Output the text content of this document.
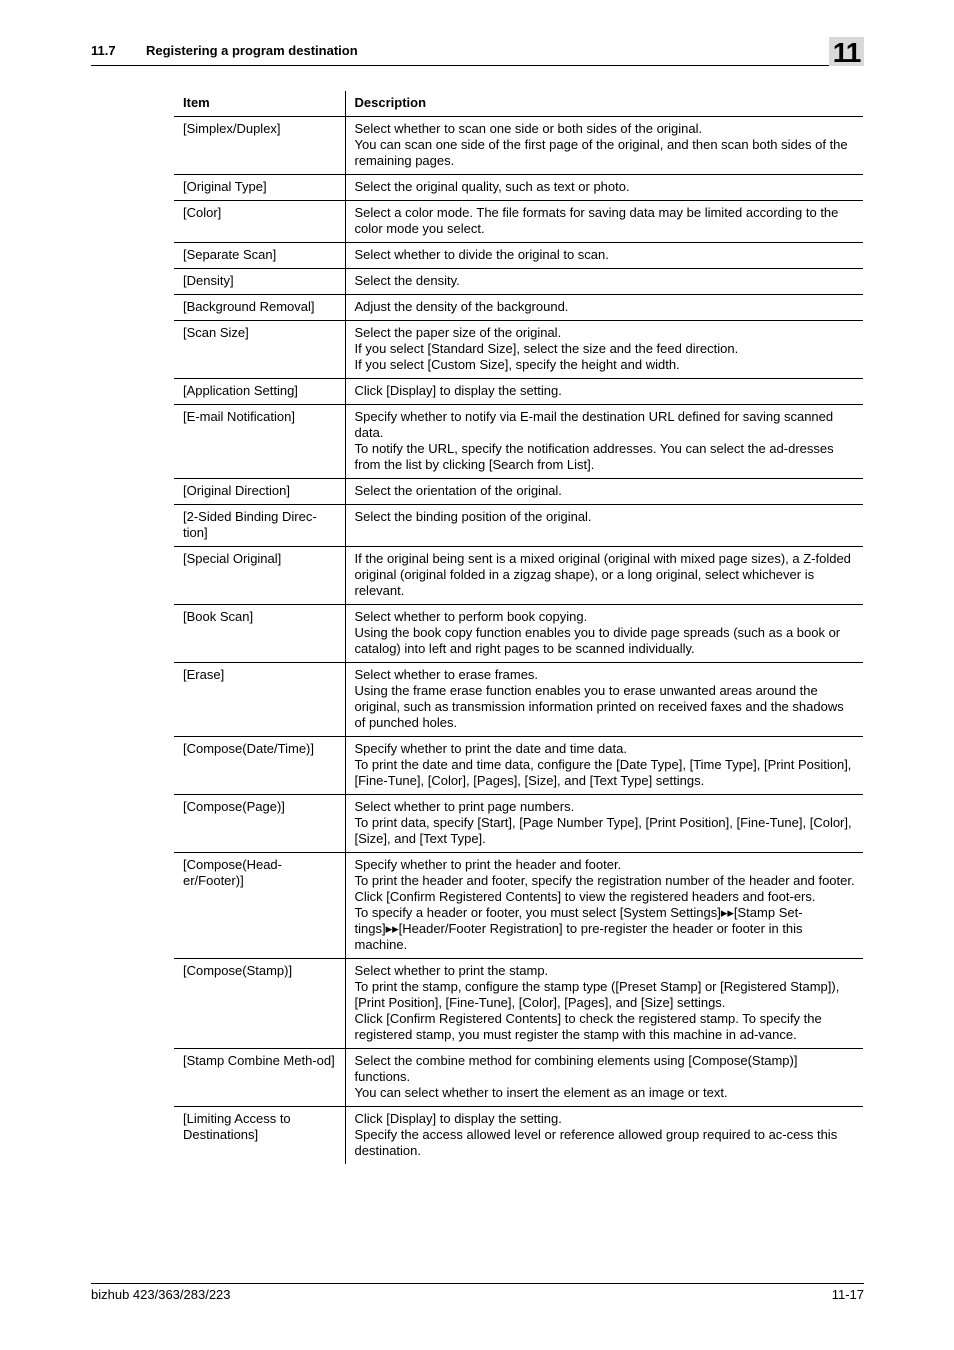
11.7 Registering a program destination	11
Item	Description
[Simplex/Duplex]	Select whether to scan one side or both sides of the original.
You can scan one side of the first page of the original, and then scan both sides of the remaining pages.

[Original Type]	Select the original quality, such as text or photo.

[Color]	Select a color mode. The file formats for saving data may be limited according to the color mode you select.

[Separate Scan]	Select whether to divide the original to scan.

[Density]	Select the density.

[Background Removal]	Adjust the density of the background.

[Scan Size]	Select the paper size of the original.
If you select [Standard Size], select the size and the feed direction.
If you select [Custom Size], specify the height and width.

[Application Setting]	Click [Display] to display the setting.

[E-mail Notification]	Specify whether to notify via E-mail the destination URL defined for saving scanned data.
To notify the URL, specify the notification addresses. You can select the ad-dresses from the list by clicking [Search from List].

[Original Direction]	Select the orientation of the original.

[2-Sided Binding Direc-tion]	Select the binding position of the original.

[Special Original]	If the original being sent is a mixed original (original with mixed page sizes), a Z-folded original (original folded in a zigzag shape), or a long original, select whichever is relevant.

[Book Scan]	Select whether to perform book copying.
Using the book copy function enables you to divide page spreads (such as a book or catalog) into left and right pages to be scanned individually.

[Erase]	Select whether to erase frames.
Using the frame erase function enables you to erase unwanted areas around the original, such as transmission information printed on received faxes and the shadows of punched holes.

[Compose(Date/Time)]	Specify whether to print the date and time data.
To print the date and time data, configure the [Date Type], [Time Type], [Print Position], [Fine-Tune], [Color], [Pages], [Size], and [Text Type] settings.

[Compose(Page)]	Select whether to print page numbers.
To print data, specify [Start], [Page Number Type], [Print Position], [Fine-Tune], [Color], [Size], and [Text Type].

[Compose(Head-er/Footer)]	Specify whether to print the header and footer.
To print the header and footer, specify the registration number of the header and footer.
Click [Confirm Registered Contents] to view the registered headers and foot-ers.
To specify a header or footer, you must select [System Settings]▸▸[Stamp Set-tings]▸▸[Header/Footer Registration] to pre-register the header or footer in this machine.

[Compose(Stamp)]	Select whether to print the stamp.
To print the stamp, configure the stamp type ([Preset Stamp] or [Registered Stamp]), [Print Position], [Fine-Tune], [Color], [Pages], and [Size] settings.
Click [Confirm Registered Contents] to check the registered stamp. To specify the registered stamp, you must register the stamp with this machine in ad-vance.

[Stamp Combine Meth-od]	Select the combine method for combining elements using [Compose(Stamp)] functions.
You can select whether to insert the element as an image or text.

[Limiting Access to Destinations]	Click [Display] to display the setting.
Specify the access allowed level or reference allowed group required to ac-cess this destination.
bizhub 423/363/283/223	11-17
